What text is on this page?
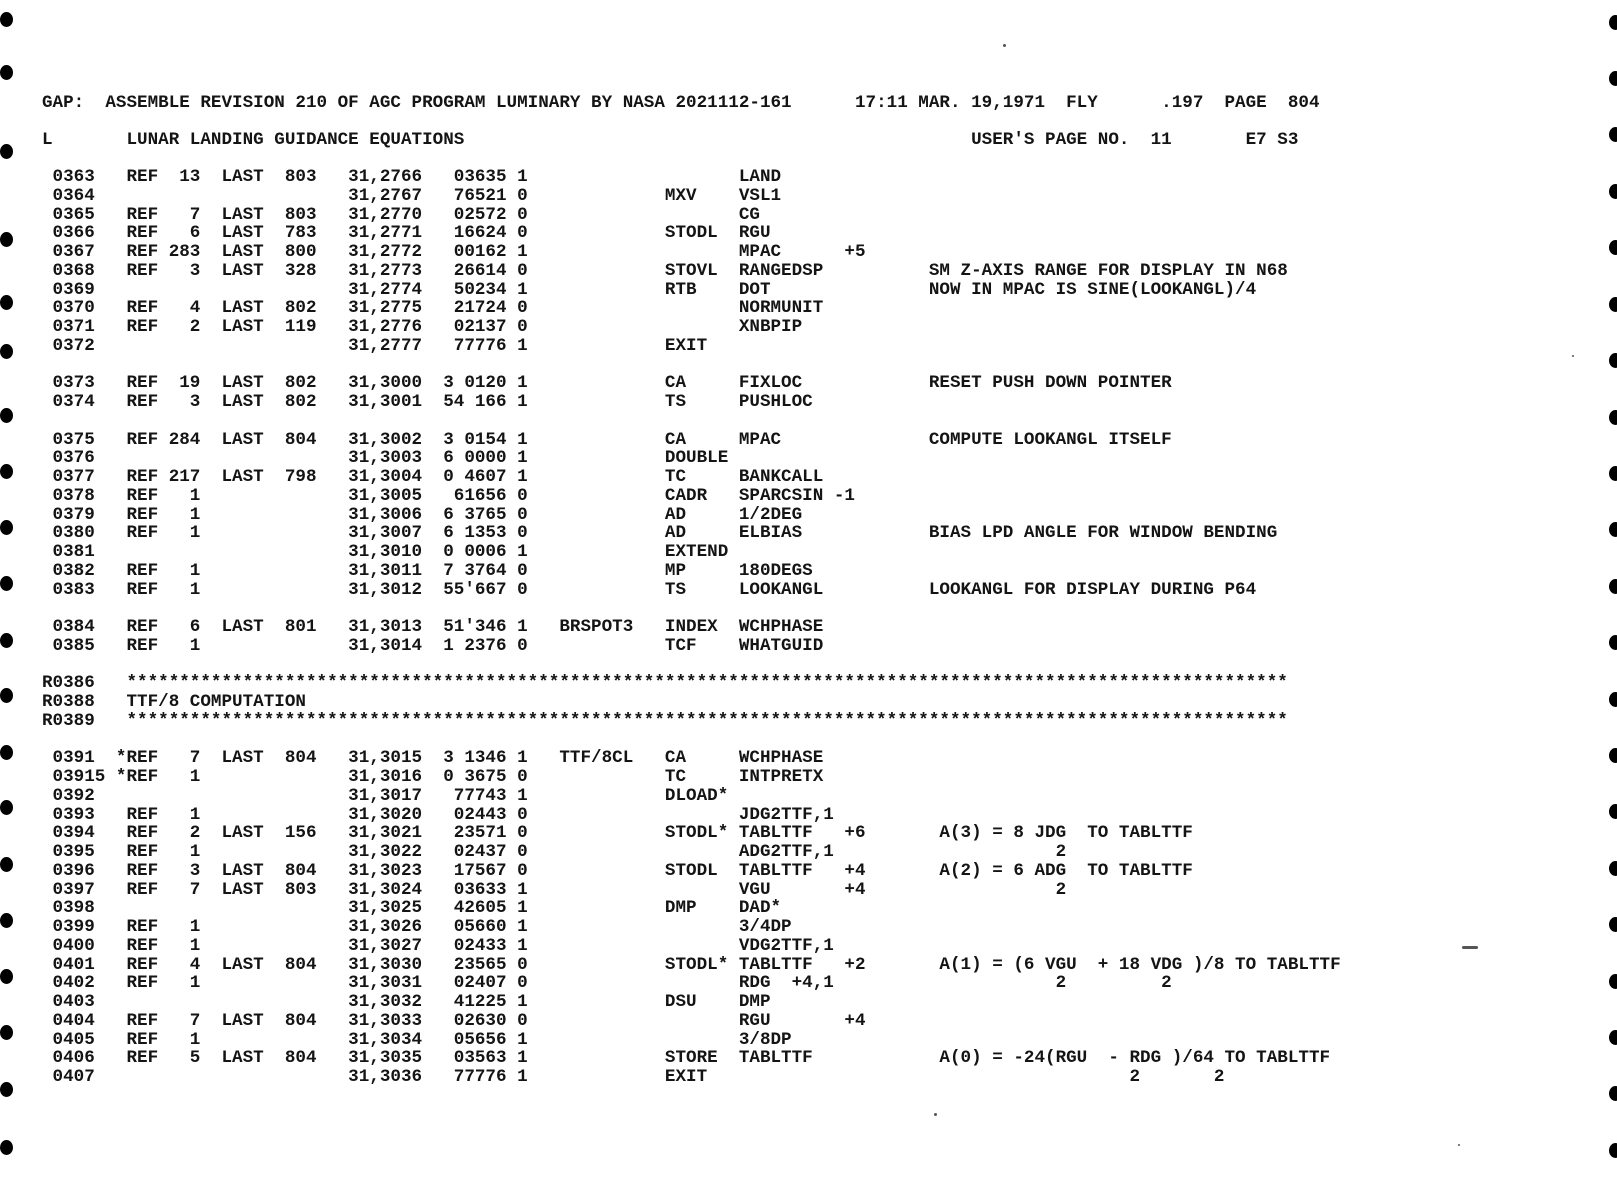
GAP:  ASSEMBLE REVISION 210 OF AGC PROGRAM LUMINARY BY NASA 2021112-161      17:11 MAR. 19,1971  FLY      .197  PAGE  804
L       LUNAR LANDING GUIDANCE EQUATIONS                                                USER'S PAGE NO.  11       E7 S3
0363   REF  13  LAST  803   31,2766   03635 1                    LAND
0364                        31,2767   76521 0             MXV    VSL1
0365   REF   7  LAST  803   31,2770   02572 0                    CG
0366   REF   6  LAST  783   31,2771   16624 0             STODL  RGU
0367   REF 283  LAST  800   31,2772   00162 1                    MPAC      +5
0368   REF   3  LAST  328   31,2773   26614 0             STOVL  RANGEDSP          SM Z-AXIS RANGE FOR DISPLAY IN N68
0369                        31,2774   50234 1             RTB    DOT               NOW IN MPAC IS SINE(LOOKANGL)/4
0370   REF   4  LAST  802   31,2775   21724 0                    NORMUNIT
0371   REF   2  LAST  119   31,2776   02137 0                    XNBPIP
0372                        31,2777   77776 1             EXIT
0373   REF  19  LAST  802   31,3000  3 0120 1             CA     FIXLOC            RESET PUSH DOWN POINTER
0374   REF   3  LAST  802   31,3001  54 166 1             TS     PUSHLOC
0375   REF 284  LAST  804   31,3002  3 0154 1             CA     MPAC              COMPUTE LOOKANGL ITSELF
0376                        31,3003  6 0000 1             DOUBLE
0377   REF 217  LAST  798   31,3004  0 4607 1             TC     BANKCALL
0378   REF   1              31,3005   61656 0             CADR   SPARCSIN -1
0379   REF   1              31,3006  6 3765 0             AD     1/2DEG
0380   REF   1              31,3007  6 1353 0             AD     ELBIAS            BIAS LPD ANGLE FOR WINDOW BENDING
0381                        31,3010  0 0006 1             EXTEND
0382   REF   1              31,3011  7 3764 0             MP     180DEGS
0383   REF   1              31,3012  55'667 0             TS     LOOKANGL          LOOKANGL FOR DISPLAY DURING P64
0384   REF   6  LAST  801   31,3013  51'346 1   BRSPOT3   INDEX  WCHPHASE
0385   REF   1              31,3014  1 2376 0             TCF    WHATGUID
R0386   **************************************************************************************************************
R0388   TTF/8 COMPUTATION
R0389   **************************************************************************************************************
0391  *REF   7  LAST  804   31,3015  3 1346 1   TTF/8CL   CA     WCHPHASE
03915 *REF   1              31,3016  0 3675 0             TC     INTPRETX
0392                        31,3017   77743 1             DLOAD*
0393   REF   1              31,3020   02443 0                    JDG2TTF,1
0394   REF   2  LAST  156   31,3021   23571 0             STODL* TABLTTF   +6       A(3) = 8 JDG  TO TABLTTF
0395   REF   1              31,3022   02437 0                    ADG2TTF,1                     2
0396   REF   3  LAST  804   31,3023   17567 0             STODL  TABLTTF   +4       A(2) = 6 ADG  TO TABLTTF
0397   REF   7  LAST  803   31,3024   03633 1                    VGU       +4                  2
0398                        31,3025   42605 1             DMP    DAD*
0399   REF   1              31,3026   05660 1                    3/4DP
0400   REF   1              31,3027   02433 1                    VDG2TTF,1
0401   REF   4  LAST  804   31,3030   23565 0             STODL* TABLTTF   +2       A(1) = (6 VGU  + 18 VDG )/8 TO TABLTTF
0402   REF   1              31,3031   02407 0                    RDG  +4,1                     2         2
0403                        31,3032   41225 1             DSU    DMP
0404   REF   7  LAST  804   31,3033   02630 0                    RGU       +4
0405   REF   1              31,3034   05656 1                    3/8DP
0406   REF   5  LAST  804   31,3035   03563 1             STORE  TABLTTF            A(0) = -24(RGU  - RDG )/64 TO TABLTTF
0407                        31,3036   77776 1             EXIT                                        2       2
